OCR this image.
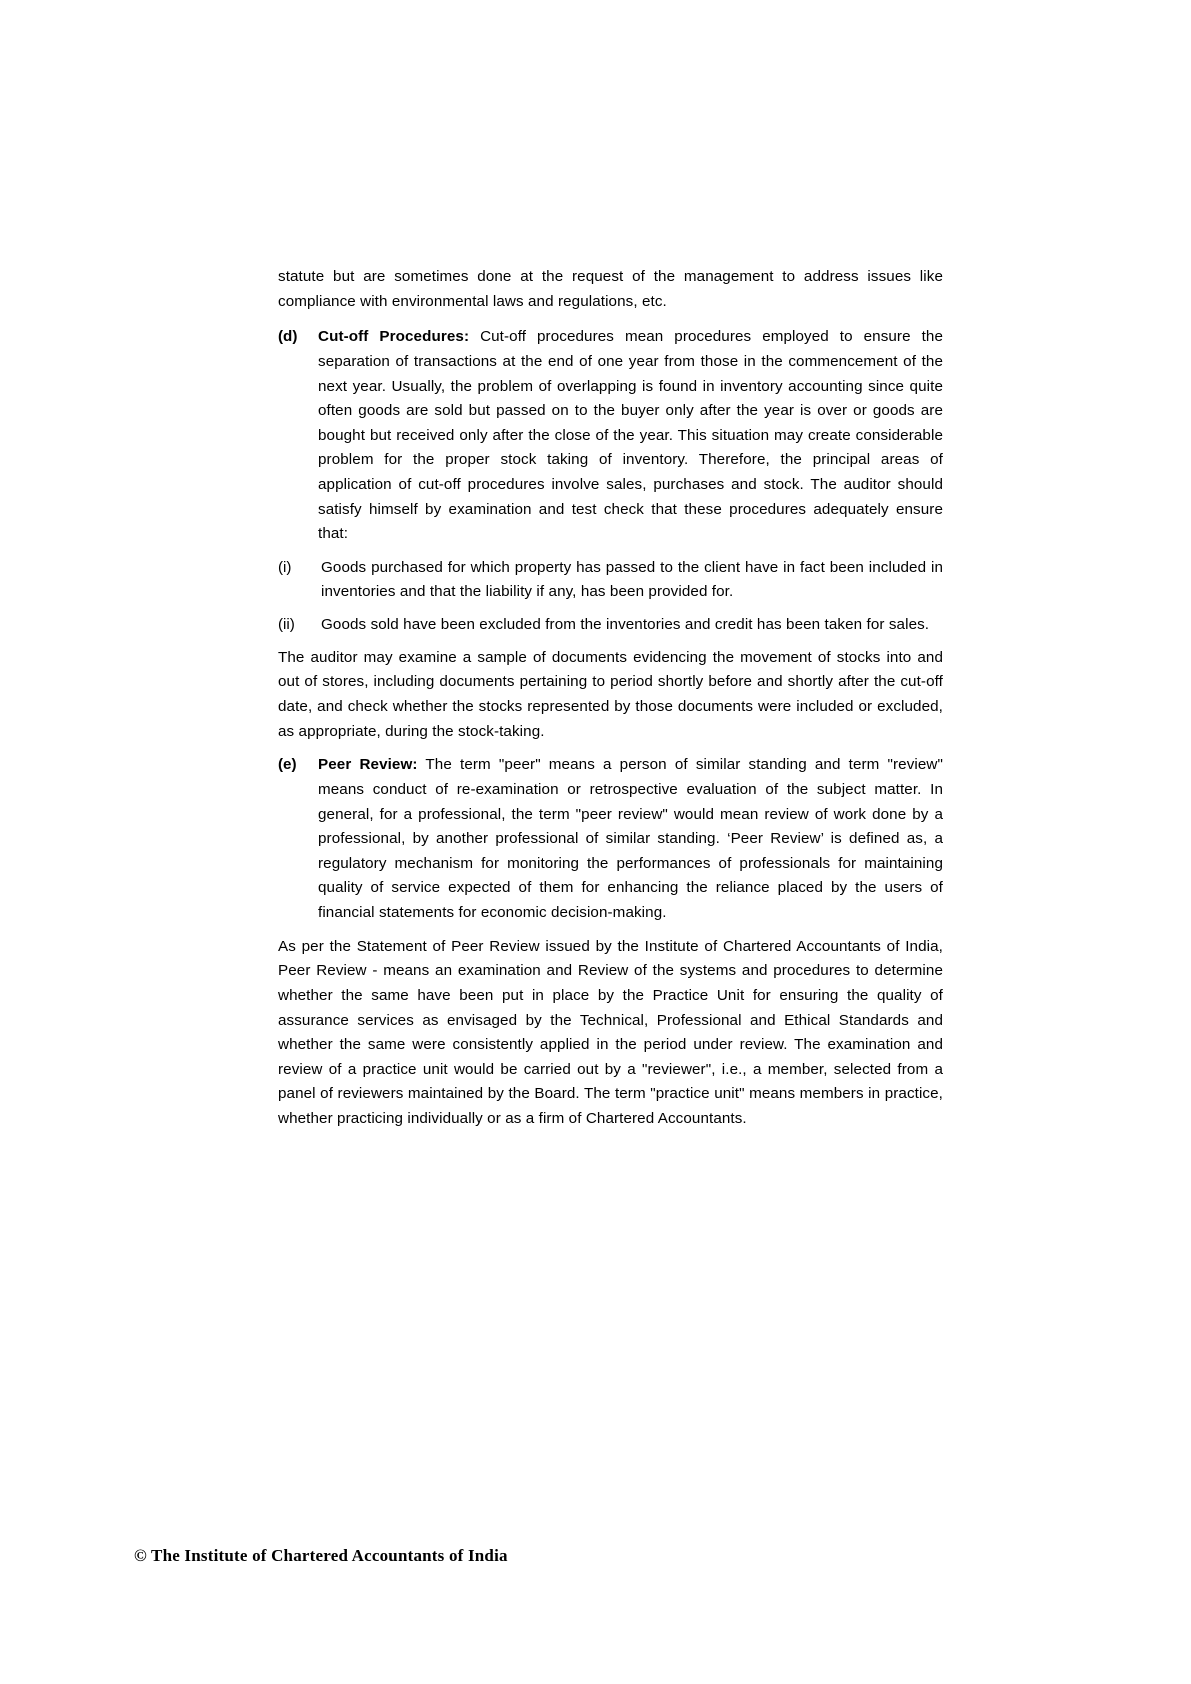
statute but are sometimes done at the request of the management to address issues like compliance with environmental laws and regulations, etc.

(d)	Cut-off Procedures: Cut-off procedures mean procedures employed to ensure the separation of transactions at the end of one year from those in the commencement of the next year. Usually, the problem of overlapping is found in inventory accounting since quite often goods are sold but passed on to the buyer only after the year is over or goods are bought but received only after the close of the year. This situation may create considerable problem for the proper stock taking of inventory. Therefore, the principal areas of application of cut-off procedures involve sales, purchases and stock. The auditor should satisfy himself by examination and test check that these procedures adequately ensure that:
(i)	Goods purchased for which property has passed to the client have in fact been included in inventories and that the liability if any, has been provided for.
(ii)	Goods sold have been excluded from the inventories and credit has been taken for sales.

The auditor may examine a sample of documents evidencing the movement of stocks into and out of stores, including documents pertaining to period shortly before and shortly after the cut-off date, and check whether the stocks represented by those documents were included or excluded, as appropriate, during the stock-taking.

(e)	Peer Review: The term "peer" means a person of similar standing and term "review" means conduct of re-examination or retrospective evaluation of the subject matter. In general, for a professional, the term "peer review" would mean review of work done by a professional, by another professional of similar standing. ‘Peer Review’ is defined as, a regulatory mechanism for monitoring the performances of professionals for maintaining quality of service expected of them for enhancing the reliance placed by the users of financial statements for economic decision-making.

As per the Statement of Peer Review issued by the Institute of Chartered Accountants of India, Peer Review - means an examination and Review of the systems and procedures to determine whether the same have been put in place by the Practice Unit for ensuring the quality of assurance services as envisaged by the Technical, Professional and Ethical Standards and whether the same were consistently applied in the period under review. The examination and review of a practice unit would be carried out by a "reviewer", i.e., a member, selected from a panel of reviewers maintained by the Board. The term "practice unit" means members in practice, whether practicing individually or as a firm of Chartered Accountants.

© The Institute of Chartered Accountants of India
